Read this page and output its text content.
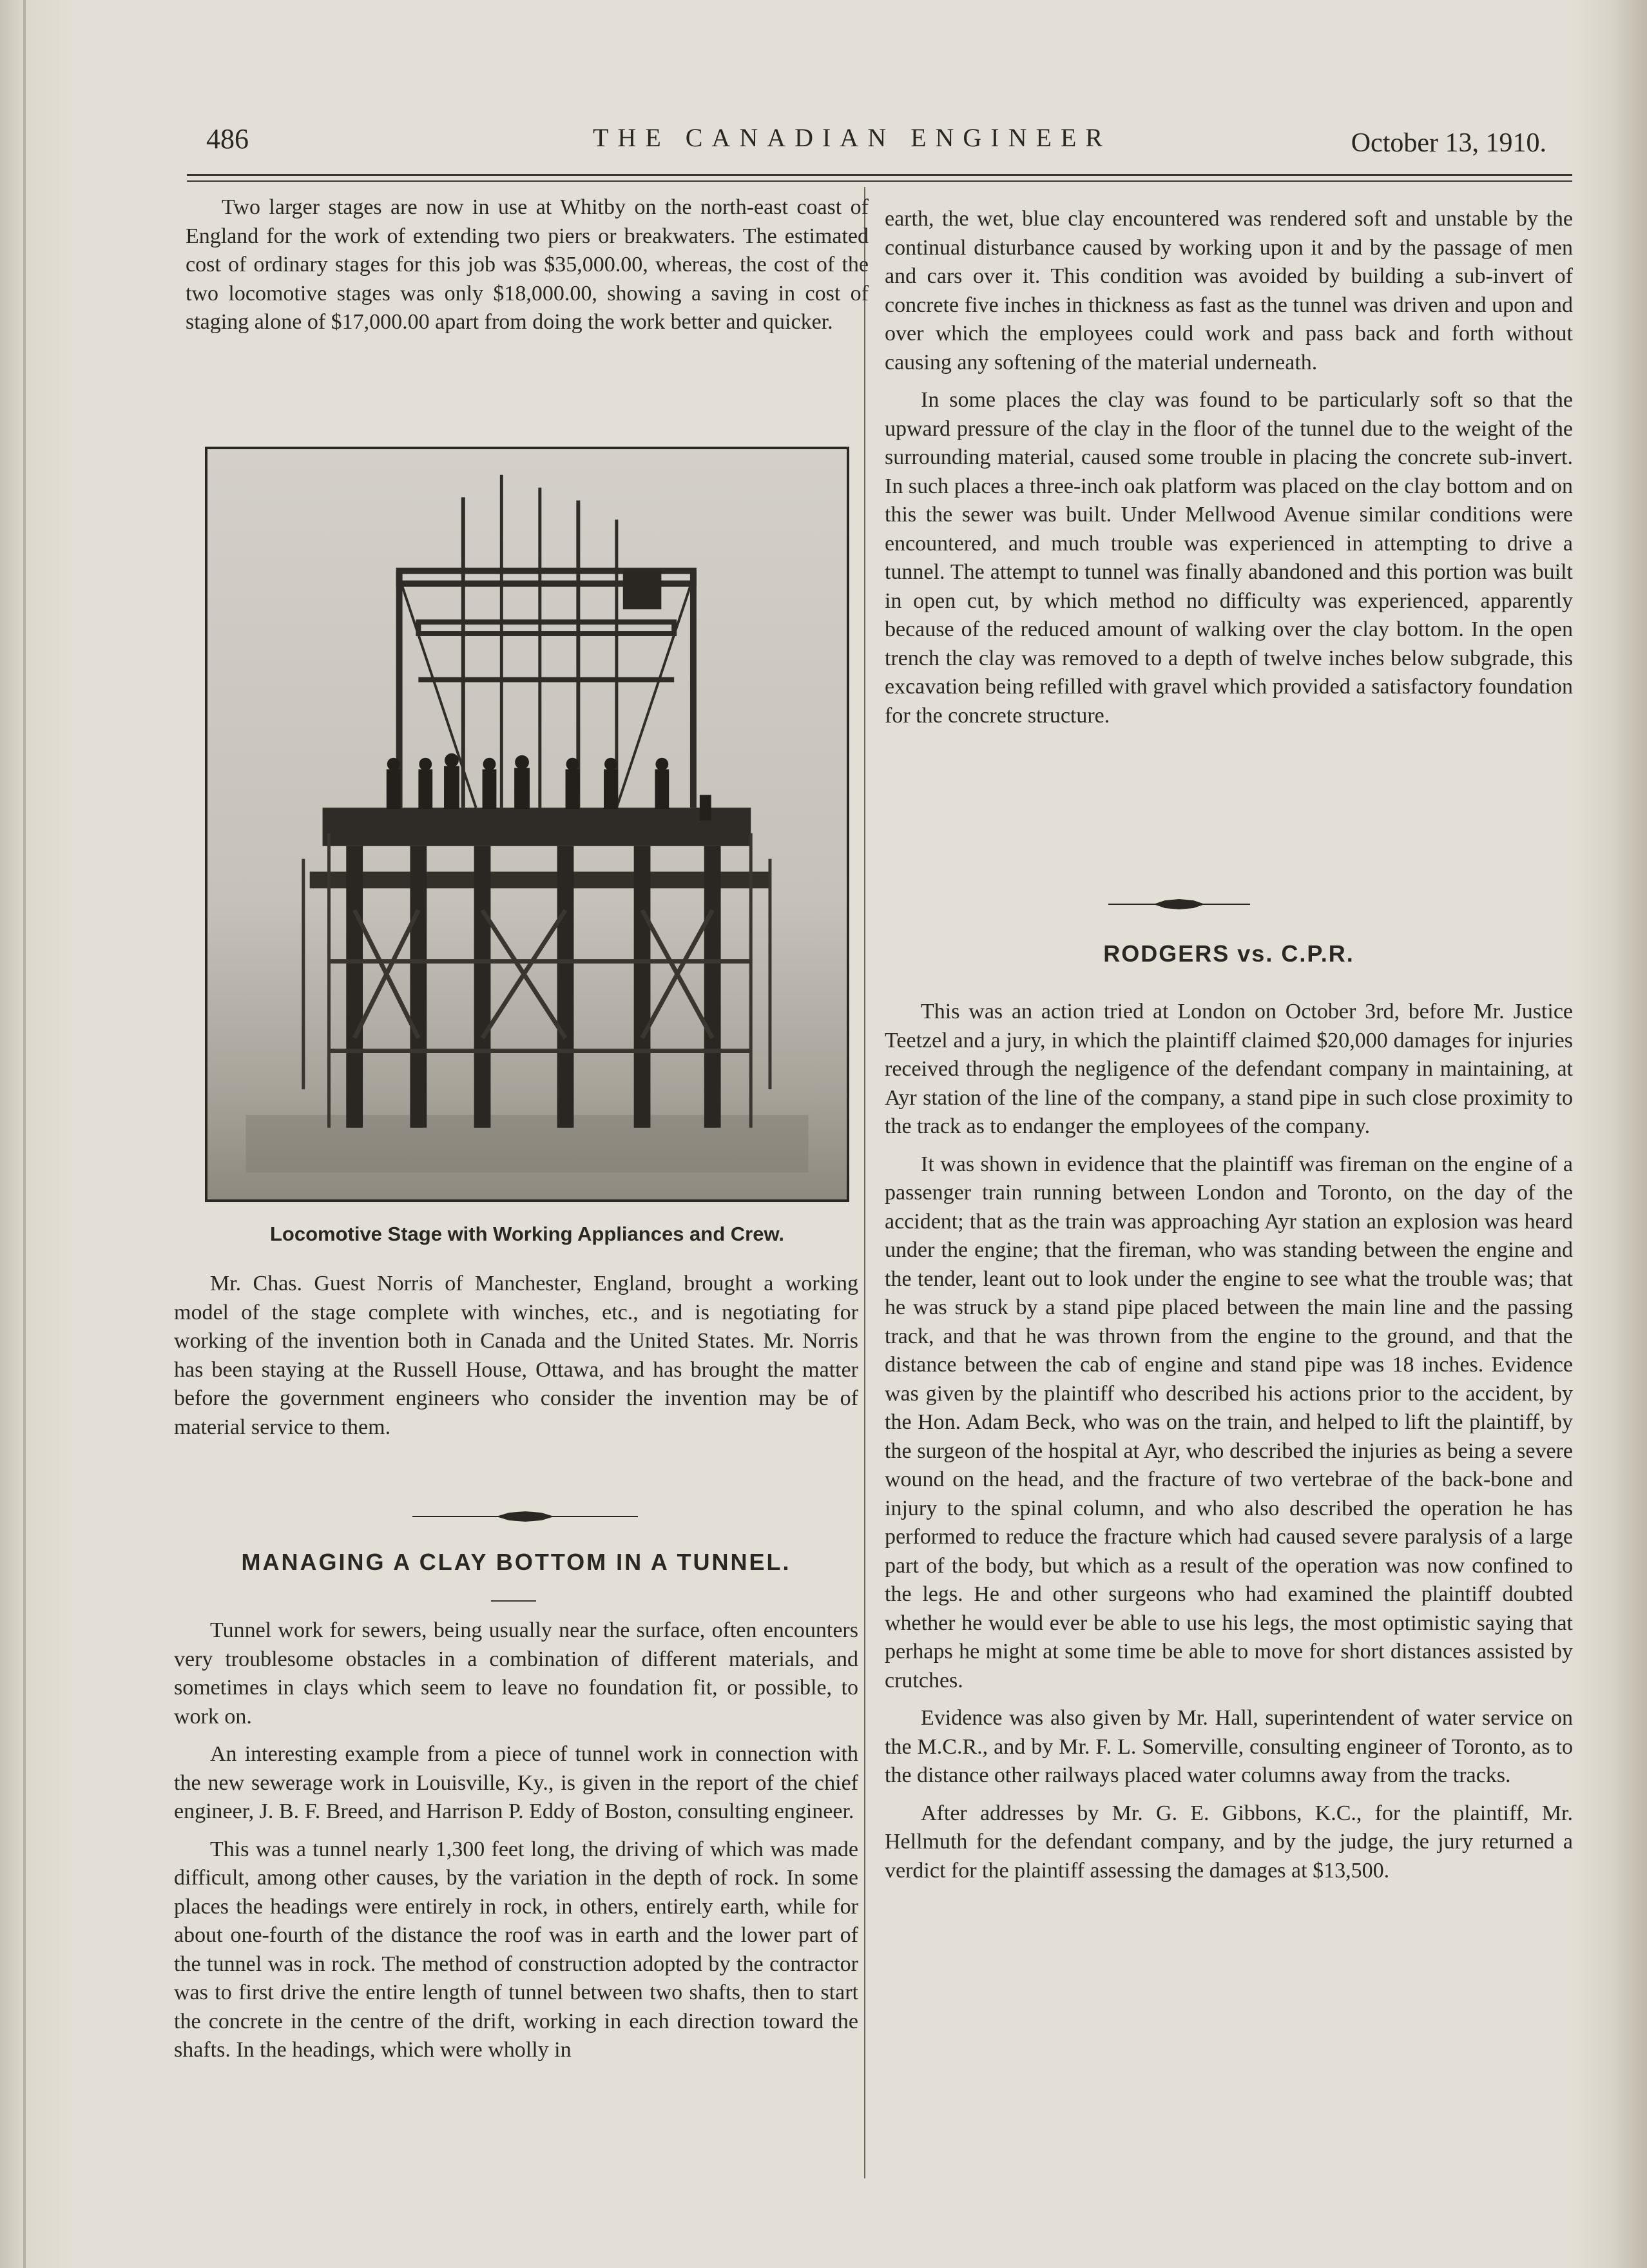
486	THE CANADIAN ENGINEER	October 13, 1910.

Two larger stages are now in use at Whitby on the north-east coast of England for the work of extending two piers or breakwaters. The estimated cost of ordinary stages for this job was $35,000.00, whereas, the cost of the two locomotive stages was only $18,000.00, showing a saving in cost of staging alone of $17,000.00 apart from doing the work better and quicker.

Locomotive Stage with Working Appliances and Crew.

Mr. Chas. Guest Norris of Manchester, England, brought a working model of the stage complete with winches, etc., and is negotiating for working of the invention both in Canada and the United States. Mr. Norris has been staying at the Russell House, Ottawa, and has brought the matter before the government engineers who consider the invention may be of material service to them.

MANAGING A CLAY BOTTOM IN A TUNNEL.

Tunnel work for sewers, being usually near the surface, often encounters very troublesome obstacles in a combination of different materials, and sometimes in clays which seem to leave no foundation fit, or possible, to work on.

An interesting example from a piece of tunnel work in connection with the new sewerage work in Louisville, Ky., is given in the report of the chief engineer, J. B. F. Breed, and Harrison P. Eddy of Boston, consulting engineer.

This was a tunnel nearly 1,300 feet long, the driving of which was made difficult, among other causes, by the variation in the depth of rock. In some places the headings were entirely in rock, in others, entirely earth, while for about one-fourth of the distance the roof was in earth and the lower part of the tunnel was in rock. The method of construction adopted by the contractor was to first drive the entire length of tunnel between two shafts, then to start the concrete in the centre of the drift, working in each direction toward the shafts. In the headings, which were wholly in

earth, the wet, blue clay encountered was rendered soft and unstable by the continual disturbance caused by working upon it and by the passage of men and cars over it. This condition was avoided by building a sub-invert of concrete five inches in thickness as fast as the tunnel was driven and upon and over which the employees could work and pass back and forth without causing any softening of the material underneath.

In some places the clay was found to be particularly soft so that the upward pressure of the clay in the floor of the tunnel due to the weight of the surrounding material, caused some trouble in placing the concrete sub-invert. In such places a three-inch oak platform was placed on the clay bottom and on this the sewer was built. Under Mellwood Avenue similar conditions were encountered, and much trouble was experienced in attempting to drive a tunnel. The attempt to tunnel was finally abandoned and this portion was built in open cut, by which method no difficulty was experienced, apparently because of the reduced amount of walking over the clay bottom. In the open trench the clay was removed to a depth of twelve inches below subgrade, this excavation being refilled with gravel which provided a satisfactory foundation for the concrete structure.

RODGERS vs. C.P.R.

This was an action tried at London on October 3rd, before Mr. Justice Teetzel and a jury, in which the plaintiff claimed $20,000 damages for injuries received through the negligence of the defendant company in maintaining, at Ayr station of the line of the company, a stand pipe in such close proximity to the track as to endanger the employees of the company.

It was shown in evidence that the plaintiff was fireman on the engine of a passenger train running between London and Toronto, on the day of the accident; that as the train was approaching Ayr station an explosion was heard under the engine; that the fireman, who was standing between the engine and the tender, leant out to look under the engine to see what the trouble was; that he was struck by a stand pipe placed between the main line and the passing track, and that he was thrown from the engine to the ground, and that the distance between the cab of engine and stand pipe was 18 inches. Evidence was given by the plaintiff who described his actions prior to the accident, by the Hon. Adam Beck, who was on the train, and helped to lift the plaintiff, by the surgeon of the hospital at Ayr, who described the injuries as being a severe wound on the head, and the fracture of two vertebrae of the back-bone and injury to the spinal column, and who also described the operation he has performed to reduce the fracture which had caused severe paralysis of a large part of the body, but which as a result of the operation was now confined to the legs. He and other surgeons who had examined the plaintiff doubted whether he would ever be able to use his legs, the most optimistic saying that perhaps he might at some time be able to move for short distances assisted by crutches.

Evidence was also given by Mr. Hall, superintendent of water service on the M.C.R., and by Mr. F. L. Somerville, consulting engineer of Toronto, as to the distance other railways placed water columns away from the tracks.

After addresses by Mr. G. E. Gibbons, K.C., for the plaintiff, Mr. Hellmuth for the defendant company, and by the judge, the jury returned a verdict for the plaintiff assessing the damages at $13,500.
